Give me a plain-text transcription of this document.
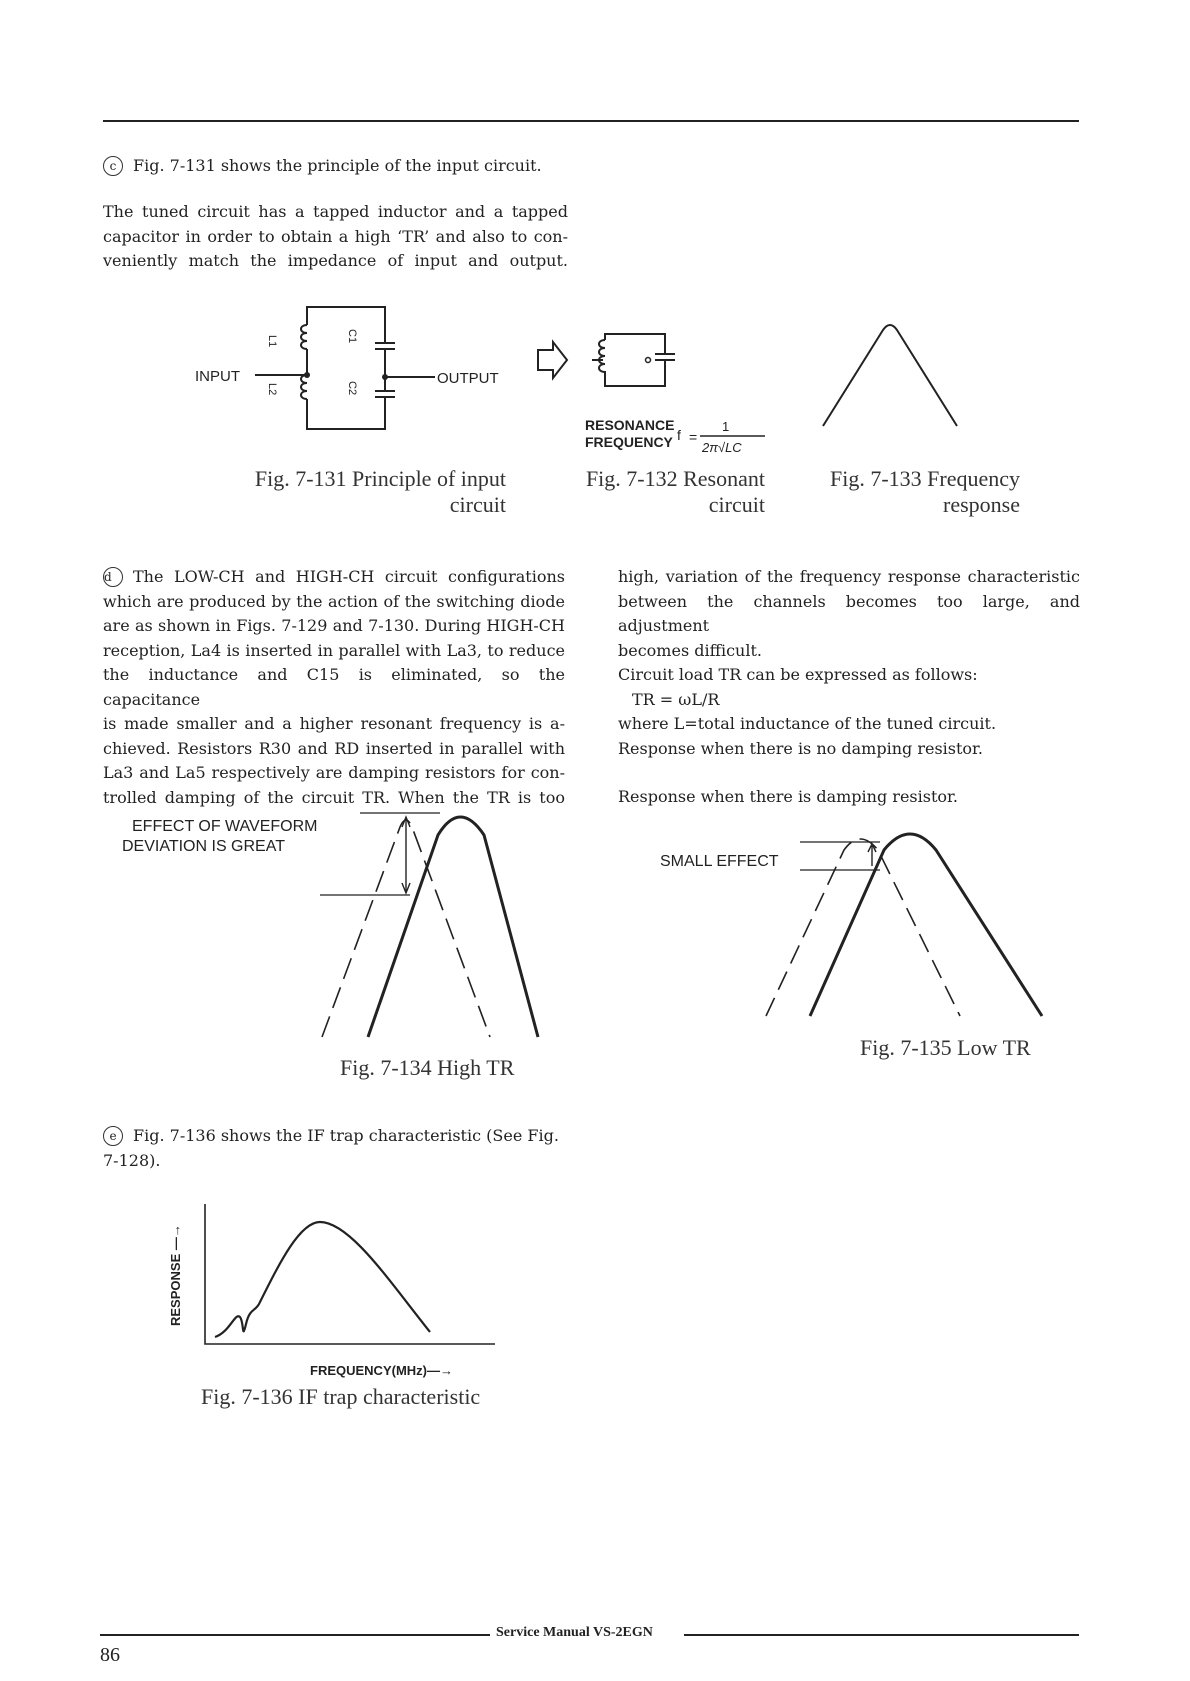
c Fig. 7-131 shows the principle of the input circuit.
The tuned circuit has a tapped inductor and a tapped
capacitor in order to obtain a high ‘TR’ and also to con-
veniently match the impedance of input and output.
INPUT	OUTPUT
L1
L2
C1
C2
Fig. 7-131 Principle of input
circuit
RESONANCE
FREQUENCY f =
1
2π√LC
Fig. 7-132 Resonant
circuit
Fig. 7-133 Frequency
response
d The LOW-CH and HIGH-CH circuit configurations
which are produced by the action of the switching diode
are as shown in Figs. 7-129 and 7-130. During HIGH-CH
reception, La4 is inserted in parallel with La3, to reduce
the inductance and C15 is eliminated, so the capacitance
is made smaller and a higher resonant frequency is a-
chieved. Resistors R30 and RD inserted in parallel with
La3 and La5 respectively are damping resistors for con-
trolled damping of the circuit TR. When the TR is too
high, variation of the frequency response characteristic
between the channels becomes too large, and adjustment
becomes difficult.
Circuit load TR can be expressed as follows:
TR = ωL/R
where L=total inductance of the tuned circuit.
Response when there is no damping resistor.
Response when there is damping resistor.
EFFECT OF WAVEFORM
DEVIATION IS GREAT
Fig. 7-134 High TR
SMALL EFFECT
Fig. 7-135 Low TR
e Fig. 7-136 shows the IF trap characteristic (See Fig.
7-128).
RESPONSE —→
FREQUENCY(MHz)—→
Fig. 7-136 IF trap characteristic
Service Manual VS-2EGN
86
